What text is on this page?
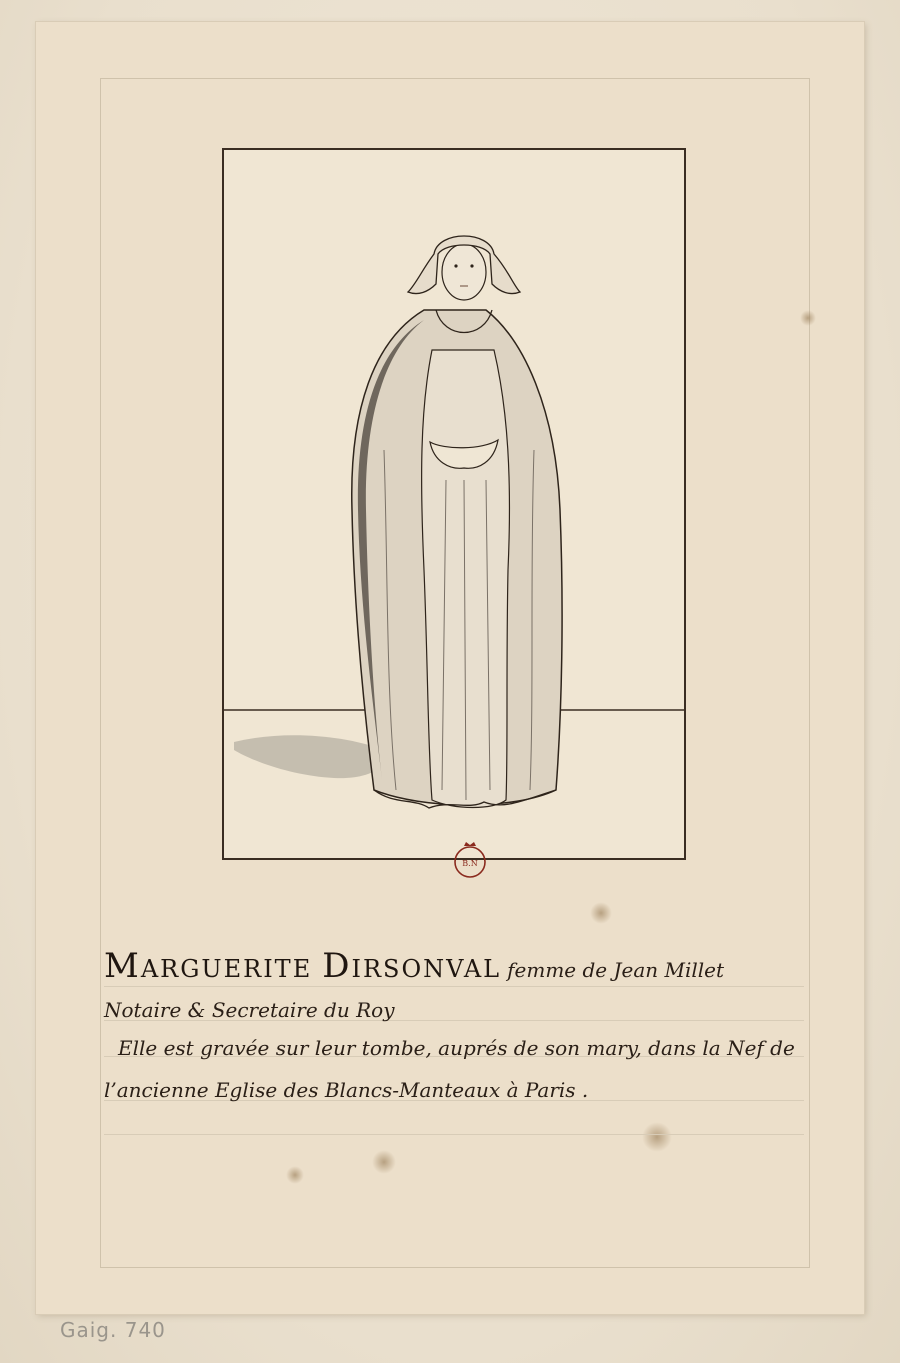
B.N
Marguerite Dirsonval femme de Jean Millet
Notaire & Secretaire du Roy
Elle est gravée sur leur tombe, auprés de son mary, dans la Nef de
l’ancienne Eglise des Blancs-Manteaux à Paris .
Gaig. 740
